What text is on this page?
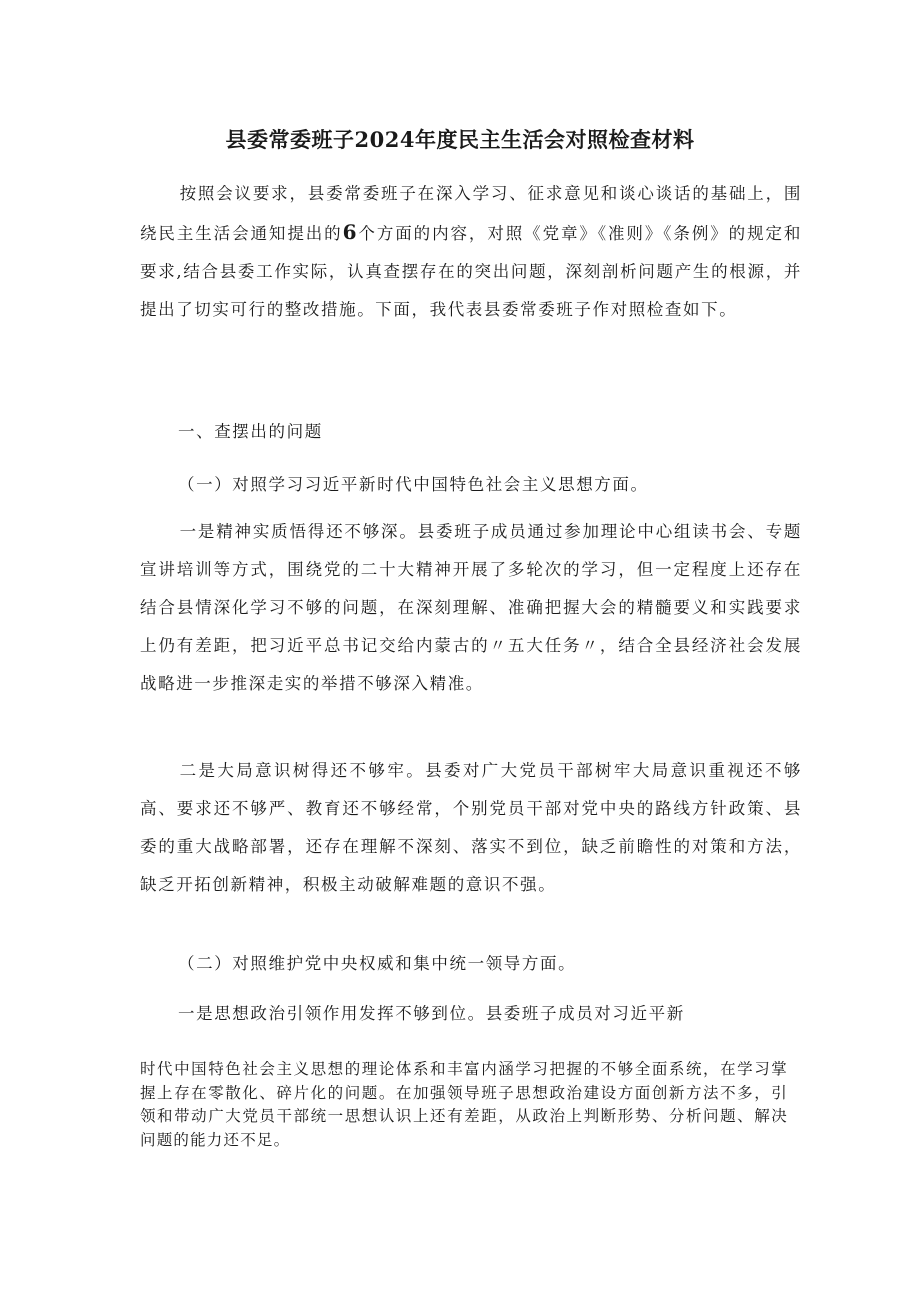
县委常委班子2024年度民主生活会对照检查材料
按照会议要求，县委常委班子在深入学习、征求意见和谈心谈话的基础上，围绕民主生活会通知提出的6个方面的内容，对照《党章》《准则》《条例》的规定和要求,结合县委工作实际，认真查摆存在的突出问题，深刻剖析问题产生的根源，并提出了切实可行的整改措施。下面，我代表县委常委班子作对照检查如下。
一、查摆出的问题
（一）对照学习习近平新时代中国特色社会主义思想方面。
一是精神实质悟得还不够深。县委班子成员通过参加理论中心组读书会、专题宣讲培训等方式，围绕党的二十大精神开展了多轮次的学习，但一定程度上还存在结合县情深化学习不够的问题，在深刻理解、准确把握大会的精髓要义和实践要求上仍有差距，把习近平总书记交给内蒙古的〃五大任务〃，结合全县经济社会发展战略进一步推深走实的举措不够深入精准。
二是大局意识树得还不够牢。县委对广大党员干部树牢大局意识重视还不够高、要求还不够严、教育还不够经常，个别党员干部对党中央的路线方针政策、县委的重大战略部署，还存在理解不深刻、落实不到位，缺乏前瞻性的对策和方法，缺乏开拓创新精神，积极主动破解难题的意识不强。
（二）对照维护党中央权威和集中统一领导方面。
一是思想政治引领作用发挥不够到位。县委班子成员对习近平新
时代中国特色社会主义思想的理论体系和丰富内涵学习把握的不够全面系统，在学习掌握上存在零散化、碎片化的问题。在加强领导班子思想政治建设方面创新方法不多，引领和带动广大党员干部统一思想认识上还有差距，从政治上判断形势、分析问题、解决问题的能力还不足。
